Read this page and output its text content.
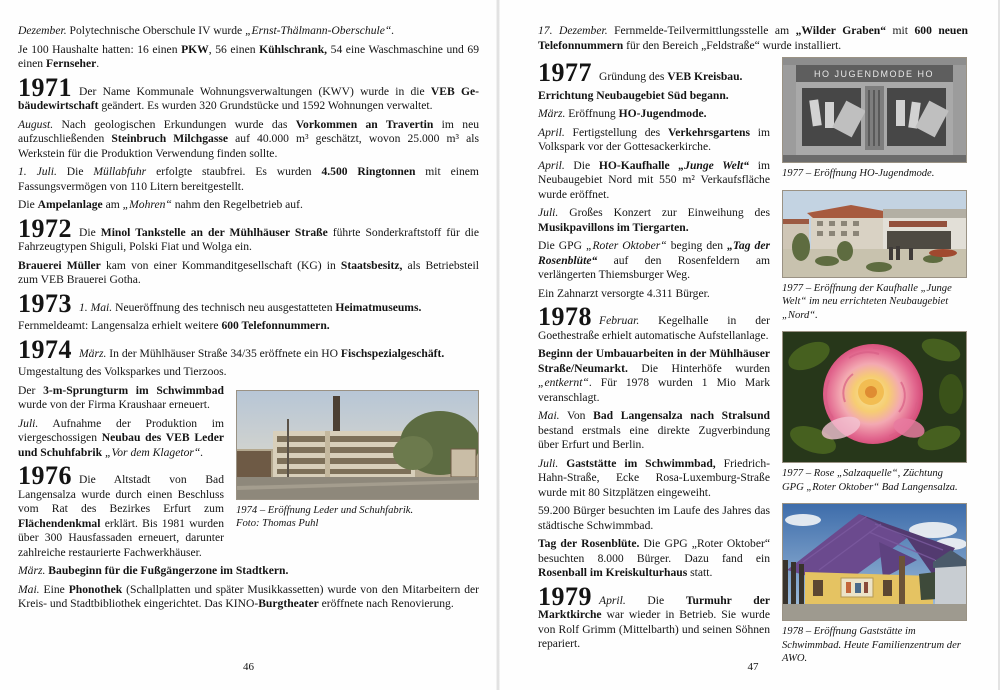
Dezember. Polytechnische Oberschule IV wurde „Ernst-Thälmann-Oberschule“.

Je 100 Haushalte hatten: 16 einen PKW, 56 einen Kühlschrank, 54 eine Waschmaschine und 69 einen Fernseher.

1971 Der Name Kommunale Wohnungsverwaltungen (KWV) wurde in die VEB Gebäudewirtschaft geändert. Es wurden 320 Grundstücke und 1592 Wohnungen verwaltet.

August. Nach geologischen Erkundungen wurde das Vorkommen an Travertin im neu aufzuschließenden Steinbruch Milchgasse auf 40.000 m³ geschätzt, wovon 25.000 m³ als Werkstein für die Produktion Verwendung finden sollte.

1. Juli. Die Müllabfuhr erfolgte staubfrei. Es wurden 4.500 Ringtonnen mit einem Fassungsvermögen von 110 Litern bereitgestellt.

Die Ampelanlage am „Mohren“ nahm den Regelbetrieb auf.

1972 Die Minol Tankstelle an der Mühlhäuser Straße führte Sonderkraftstoff für die Fahrzeugtypen Shiguli, Polski Fiat und Wolga ein.

Brauerei Müller kam von einer Kommanditgesellschaft (KG) in Staatsbesitz, als Betriebsteil zum VEB Brauerei Gotha.

1973 1. Mai. Neueröffnung des technisch neu ausgestatteten Heimatmuseums.

Fernmeldeamt: Langensalza erhielt weitere 600 Telefonnummern.

1974 März. In der Mühlhäuser Straße 34/35 eröffnete ein HO Fischspezialgeschäft.

Umgestaltung des Volksparkes und Tierzoos.

1974 – Eröffnung Leder und Schuhfabrik.
Foto: Thomas Puhl

Der 3-m-Sprungturm im Schwimmbad wurde von der Firma Kraushaar erneuert.

Juli. Aufnahme der Produktion im viergeschossigen Neubau des VEB Leder und Schuhfabrik „Vor dem Klagetor“.

1976 Die Altstadt von Bad Langensalza wurde durch einen Beschluss vom Rat des Bezirkes Erfurt zum Flächendenkmal erklärt. Bis 1981 wurden über 300 Hausfassaden erneuert, darunter zahlreiche restaurierte Fachwerkhäuser.

März. Baubeginn für die Fußgängerzone im Stadtkern.

Mai. Eine Phonothek (Schallplatten und später Musikkassetten) wurde von den Mitarbeitern der Kreis- und Stadtbibliothek eingerichtet. Das KINO-Burgtheater eröffnete nach Renovierung.

46

17. Dezember. Fernmelde-Teilvermittlungsstelle am „Wilder Graben“ mit 600 neuen Telefonnummern für den Bereich „Feldstraße“ wurde installiert.

1977 Gründung des VEB Kreisbau.

Errichtung Neubaugebiet Süd begann.

März. Eröffnung HO-Jugendmode.

April. Fertigstellung des Verkehrsgartens im Volkspark vor der Gottesackerkirche.

April. Die HO-Kaufhalle „Junge Welt“ im Neubaugebiet Nord mit 550 m² Verkaufsfläche wurde eröffnet.

Juli. Großes Konzert zur Einweihung des Musikpavillons im Tiergarten.

Die GPG „Roter Oktober“ beging den „Tag der Rosenblüte“ auf den Rosenfeldern am verlängerten Thiemsburger Weg.

Ein Zahnarzt versorgte 4.311 Bürger.

1978 Februar. Kegelhalle in der Goethestraße erhielt automatische Aufstellanlage.

Beginn der Umbauarbeiten in der Mühlhäuser Straße/Neumarkt. Die Hinterhöfe wurden „entkernt“. Für 1978 wurden 1 Mio Mark veranschlagt.

Mai. Von Bad Langensalza nach Stralsund bestand erstmals eine direkte Zugverbindung über Erfurt und Berlin.

Juli. Gaststätte im Schwimmbad, Friedrich-Hahn-Straße, Ecke Rosa-Luxemburg-Straße wurde mit 80 Sitzplätzen eingeweiht.

59.200 Bürger besuchten im Laufe des Jahres das städtische Schwimmbad.

Tag der Rosenblüte. Die GPG „Roter Oktober“ besuchten 8.000 Bürger. Dazu fand ein Rosenball im Kreiskulturhaus statt.

1979 April. Die Turmuhr der Marktkirche war wieder in Betrieb. Sie wurde von Rolf Grimm (Mittelbarth) und seinen Söhnen repariert.

HO JUGENDMODE HO
1977 – Eröffnung HO-Jugendmode.
1977 – Eröffnung der Kaufhalle „Junge Welt“ im neu errichteten Neubaugebiet „Nord“.
1977 – Rose „Salzaquelle“, Züchtung GPG „Roter Oktober“ Bad Langensalza.
1978 – Eröffnung Gaststätte im Schwimmbad. Heute Familienzentrum der AWO.
47
